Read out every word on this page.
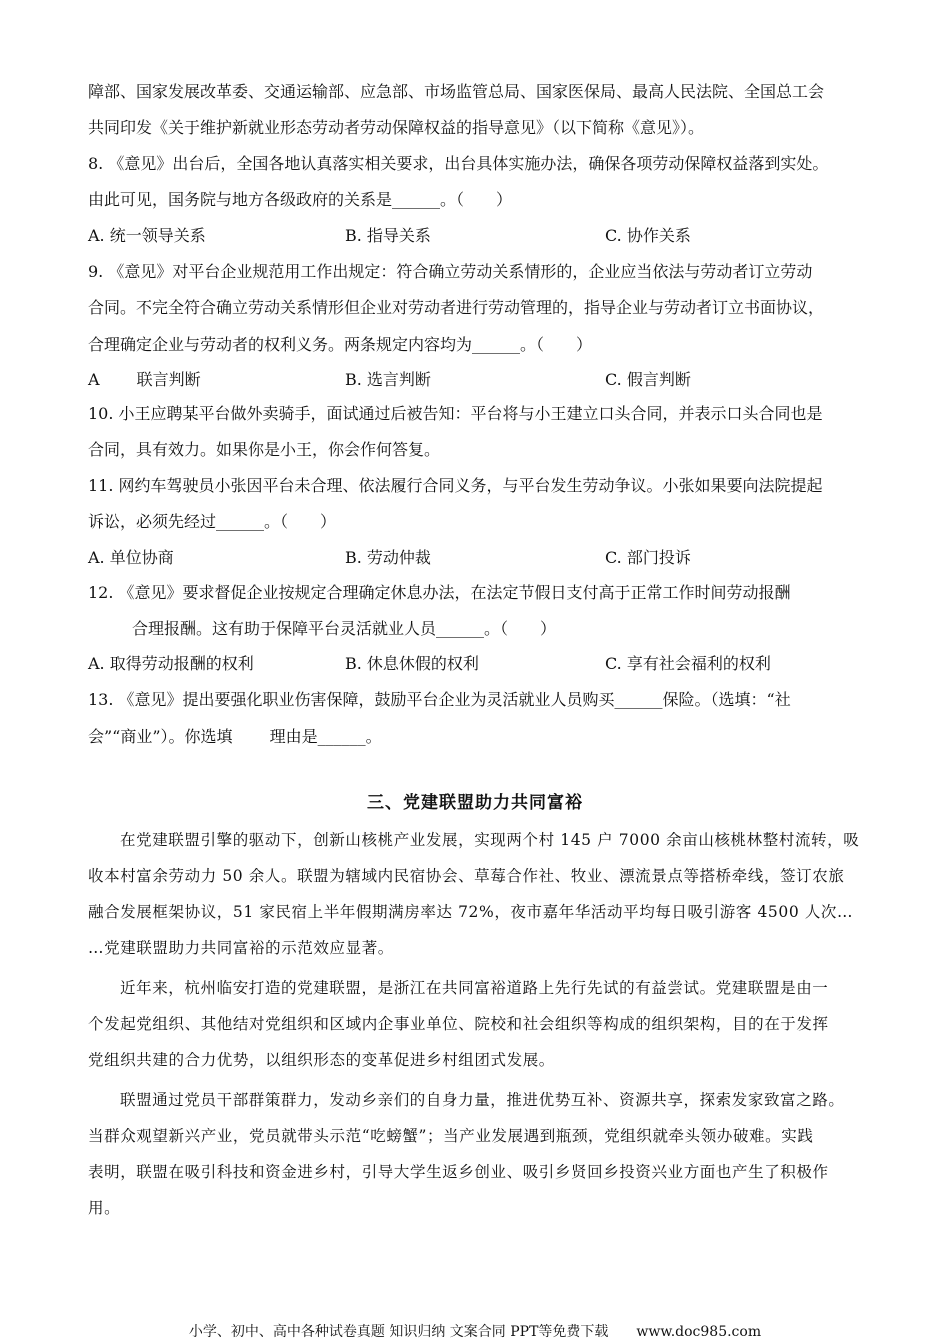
障部、国家发展改革委、交通运输部、应急部、市场监管总局、国家医保局、最高人民法院、全国总工会
共同印发《关于维护新就业形态劳动者劳动保障权益的指导意见》（以下简称《意见》）。
8. 《意见》出台后，全国各地认真落实相关要求，出台具体实施办法，确保各项劳动保障权益落到实处。
由此可见，国务院与地方各级政府的关系是______。（　　）
A. 统一领导关系	B. 指导关系	C. 协作关系
9. 《意见》对平台企业规范用工作出规定：符合确立劳动关系情形的，企业应当依法与劳动者订立劳动
合同。不完全符合确立劳动关系情形但企业对劳动者进行劳动管理的，指导企业与劳动者订立书面协议，
合理确定企业与劳动者的权利义务。两条规定内容均为______。（　　）
A　　 联言判断	B. 选言判断	C. 假言判断
10. 小王应聘某平台做外卖骑手，面试通过后被告知：平台将与小王建立口头合同，并表示口头合同也是
合同，具有效力。如果你是小王，你会作何答复。
11. 网约车驾驶员小张因平台未合理、依法履行合同义务，与平台发生劳动争议。小张如果要向法院提起
诉讼，必须先经过______。（　　）
A. 单位协商	B. 劳动仲裁	C. 部门投诉
12. 《意见》要求督促企业按规定合理确定休息办法，在法定节假日支付高于正常工作时间劳动报酬
合理报酬。这有助于保障平台灵活就业人员______。（　　）
A. 取得劳动报酬的权利	B. 休息休假的权利	C. 享有社会福利的权利
13. 《意见》提出要强化职业伤害保障，鼓励平台企业为灵活就业人员购买______保险。（选填：“社
会”“商业”）。你选填　　 理由是______。
三、党建联盟助力共同富裕
在党建联盟引擎的驱动下，创新山核桃产业发展，实现两个村 145 户 7000 余亩山核桃林整村流转，吸
收本村富余劳动力 50 余人。联盟为辖域内民宿协会、草莓合作社、牧业、漂流景点等搭桥牵线，签订农旅
融合发展框架协议，51 家民宿上半年假期满房率达 72%，夜市嘉年华活动平均每日吸引游客 4500 人次…
…党建联盟助力共同富裕的示范效应显著。
近年来，杭州临安打造的党建联盟，是浙江在共同富裕道路上先行先试的有益尝试。党建联盟是由一
个发起党组织、其他结对党组织和区域内企事业单位、院校和社会组织等构成的组织架构，目的在于发挥
党组织共建的合力优势，以组织形态的变革促进乡村组团式发展。
联盟通过党员干部群策群力，发动乡亲们的自身力量，推进优势互补、资源共享，探索发家致富之路。
当群众观望新兴产业，党员就带头示范“吃螃蟹”；当产业发展遇到瓶颈，党组织就牵头领办破难。实践
表明，联盟在吸引科技和资金进乡村，引导大学生返乡创业、吸引乡贤回乡投资兴业方面也产生了积极作
用。
小学、初中、高中各种试卷真题 知识归纳 文案合同 PPT等免费下载　　www.doc985.com
